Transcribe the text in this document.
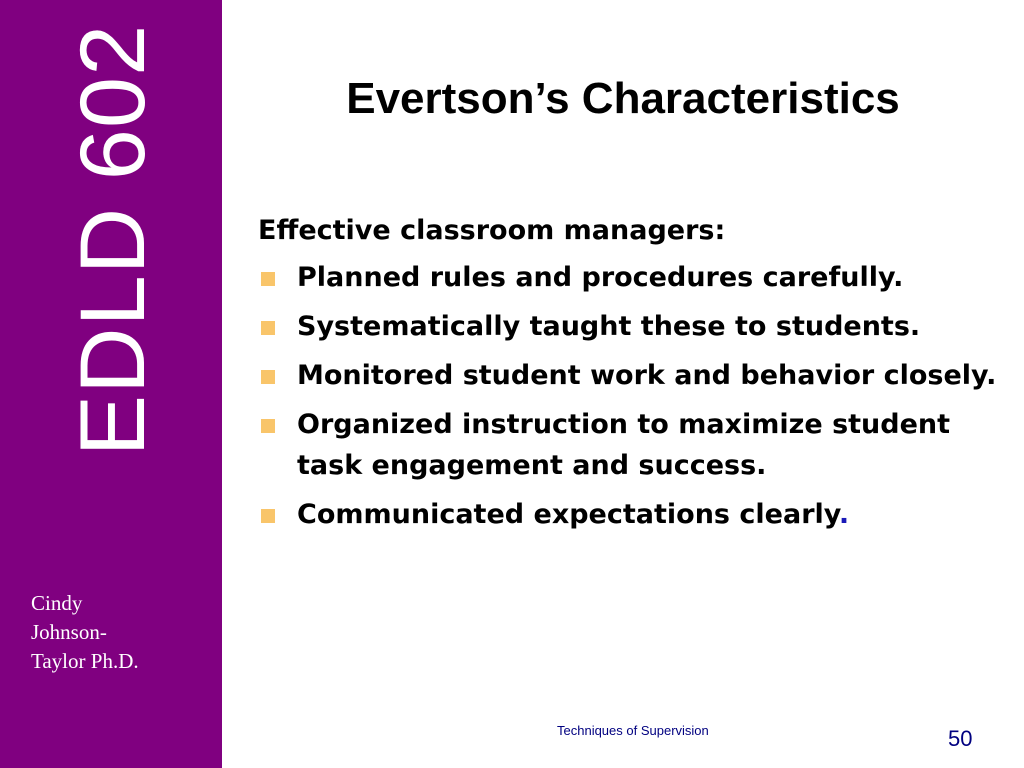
EDLD 602
Cindy
Johnson-
Taylor Ph.D.
Evertson’s Characteristics

Effective classroom managers:

Planned rules and procedures carefully.
Systematically taught these to students.
Monitored student work and behavior closely.
Organized instruction to maximize student task engagement and success.
Communicated expectations clearly.
Techniques of Supervision	50
